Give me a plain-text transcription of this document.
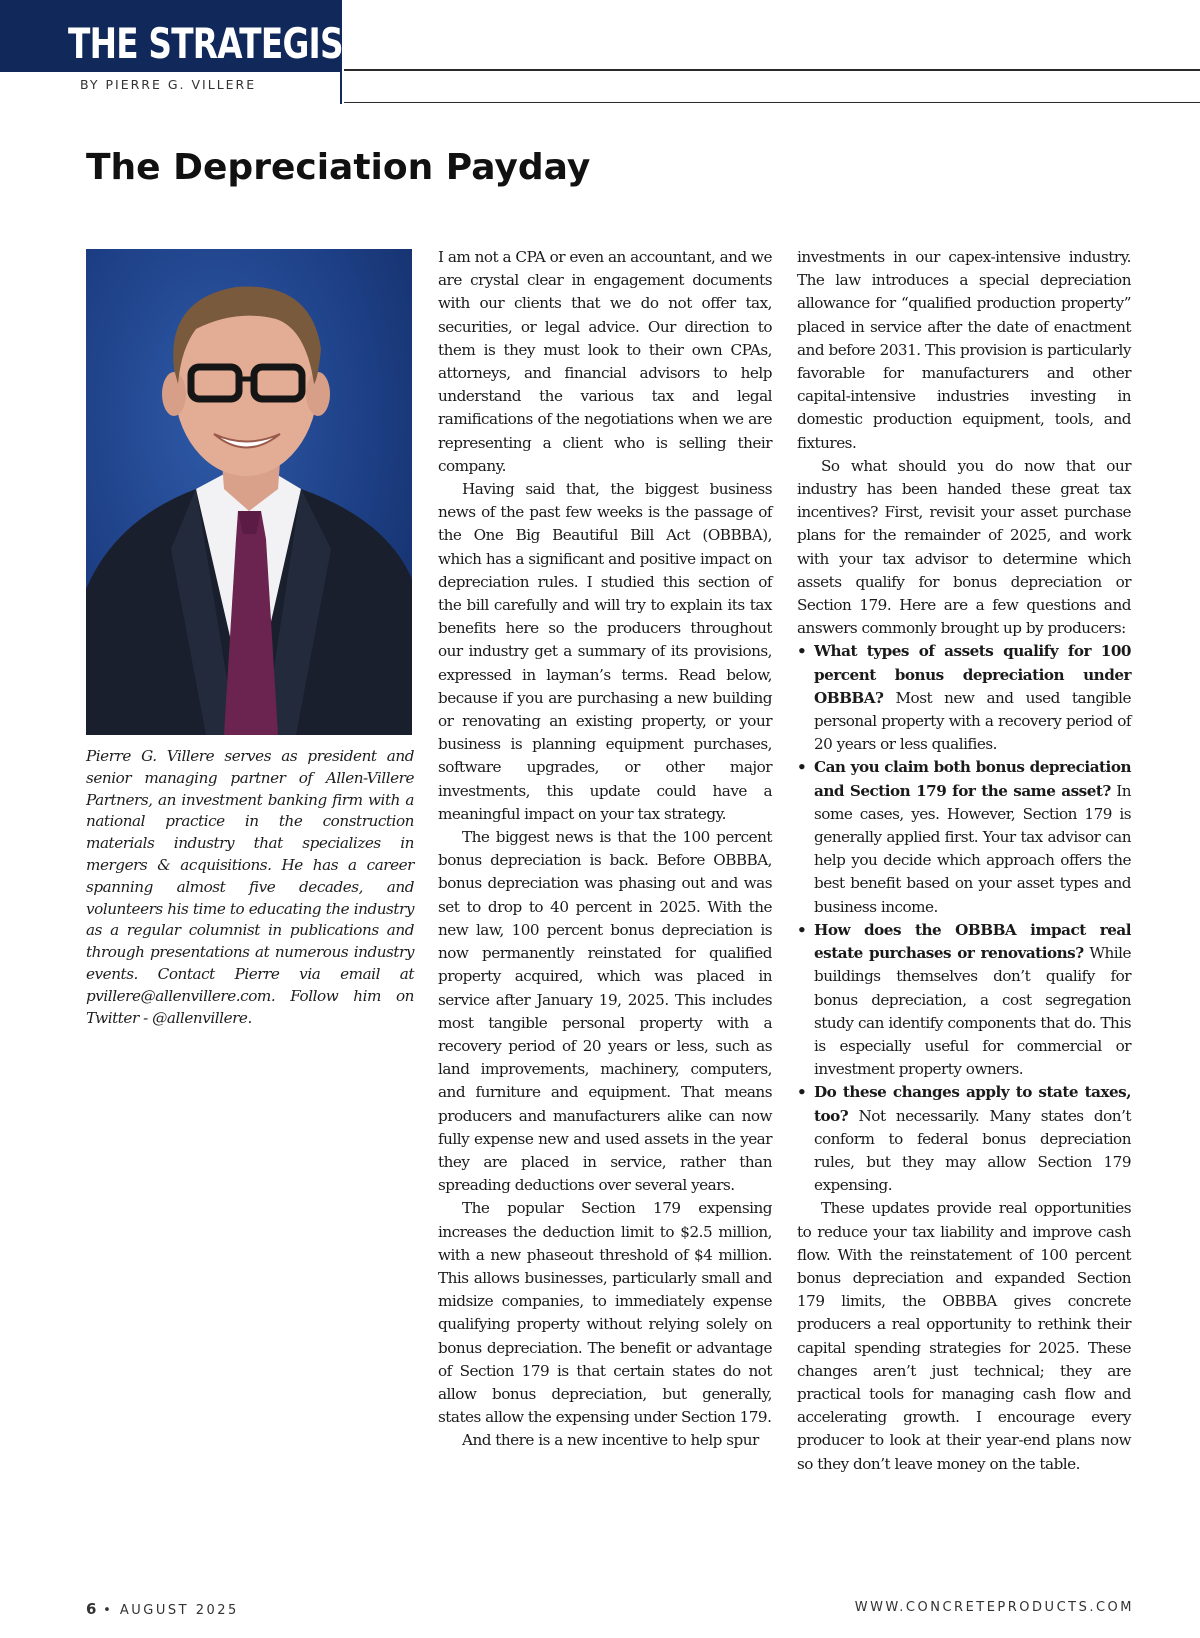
THE STRATEGIST
BY PIERRE G. VILLERE
The Depreciation Payday

Pierre G. Villere serves as president and senior managing partner of Allen-Villere Partners, an investment banking firm with a national practice in the construction materials industry that specializes in mergers & acquisitions. He has a career spanning almost five decades, and volunteers his time to educating the industry as a regular columnist in publications and through presentations at numerous industry events. Contact Pierre via email at pvillere@allenvillere.com. Follow him on Twitter - @allenvillere.

I am not a CPA or even an accountant, and we are crystal clear in engagement documents with our clients that we do not offer tax, securities, or legal advice. Our direction to them is they must look to their own CPAs, attorneys, and financial advisors to help understand the various tax and legal ramifications of the negotiations when we are representing a client who is selling their company.

Having said that, the biggest business news of the past few weeks is the passage of the One Big Beautiful Bill Act (OBBBA), which has a significant and positive impact on depreciation rules. I studied this section of the bill carefully and will try to explain its tax benefits here so the producers throughout our industry get a summary of its provisions, expressed in layman’s terms. Read below, because if you are purchasing a new building or renovating an existing property, or your business is planning equipment purchases, software upgrades, or other major investments, this update could have a meaningful impact on your tax strategy.

The biggest news is that the 100 percent bonus depreciation is back. Before OBBBA, bonus depreciation was phasing out and was set to drop to 40 percent in 2025. With the new law, 100 percent bonus depreciation is now permanently reinstated for qualified property acquired, which was placed in service after January 19, 2025. This includes most tangible personal property with a recovery period of 20 years or less, such as land improvements, machinery, computers, and furniture and equipment. That means producers and manufacturers alike can now fully expense new and used assets in the year they are placed in service, rather than spreading deductions over several years.

The popular Section 179 expensing increases the deduction limit to $2.5 million, with a new phaseout threshold of $4 million. This allows businesses, particularly small and midsize companies, to immediately expense qualifying property without relying solely on bonus depreciation. The benefit or advantage of Section 179 is that certain states do not allow bonus depreciation, but generally, states allow the expensing under Section 179.

And there is a new incentive to help spur

investments in our capex-intensive industry. The law introduces a special depreciation allowance for “qualified production property” placed in service after the date of enactment and before 2031. This provision is particularly favorable for manufacturers and other capital-intensive industries investing in domestic production equipment, tools, and fixtures.

So what should you do now that our industry has been handed these great tax incentives? First, revisit your asset purchase plans for the remainder of 2025, and work with your tax advisor to determine which assets qualify for bonus depreciation or Section 179. Here are a few questions and answers commonly brought up by producers:

• What types of assets qualify for 100 percent bonus depreciation under OBBBA? Most new and used tangible personal property with a recovery period of 20 years or less qualifies.
• Can you claim both bonus depreciation and Section 179 for the same asset? In some cases, yes. However, Section 179 is generally applied first. Your tax advisor can help you decide which approach offers the best benefit based on your asset types and business income.
• How does the OBBBA impact real estate purchases or renovations? While buildings themselves don’t qualify for bonus depreciation, a cost segregation study can identify components that do. This is especially useful for commercial or investment property owners.
• Do these changes apply to state taxes, too? Not necessarily. Many states don’t conform to federal bonus depreciation rules, but they may allow Section 179 expensing.

These updates provide real opportunities to reduce your tax liability and improve cash flow. With the reinstatement of 100 percent bonus depreciation and expanded Section 179 limits, the OBBBA gives concrete producers a real opportunity to rethink their capital spending strategies for 2025. These changes aren’t just technical; they are practical tools for managing cash flow and accelerating growth. I encourage every producer to look at their year-end plans now so they don’t leave money on the table.

6 • AUGUST 2025	WWW.CONCRETEPRODUCTS.COM
